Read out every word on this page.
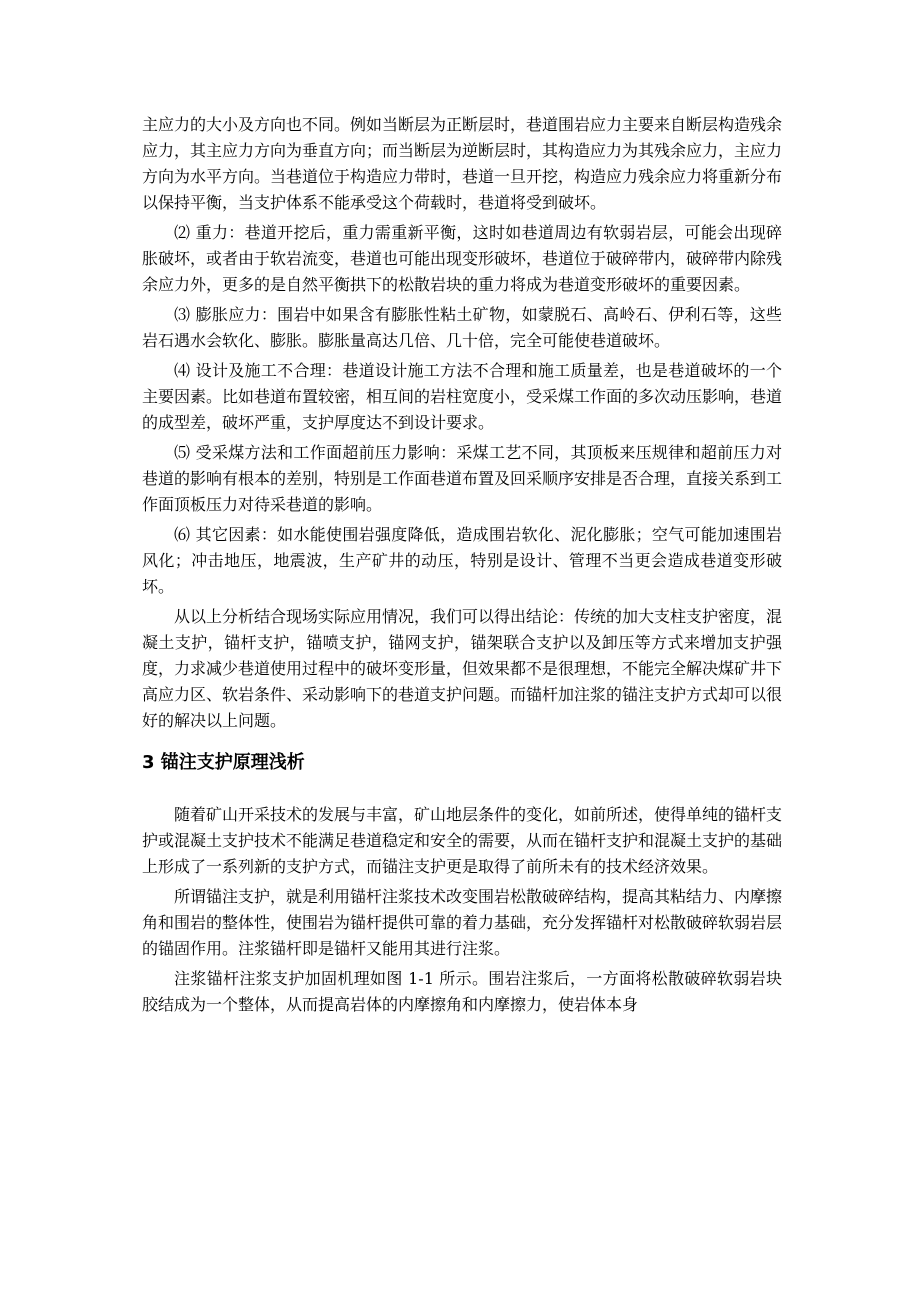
主应力的大小及方向也不同。例如当断层为正断层时，巷道围岩应力主要来自断层构造残余应力，其主应力方向为垂直方向；而当断层为逆断层时，其构造应力为其残余应力，主应力方向为水平方向。当巷道位于构造应力带时，巷道一旦开挖，构造应力残余应力将重新分布以保持平衡，当支护体系不能承受这个荷载时，巷道将受到破坏。

⑵ 重力：巷道开挖后，重力需重新平衡，这时如巷道周边有软弱岩层，可能会出现碎胀破坏，或者由于软岩流变，巷道也可能出现变形破坏，巷道位于破碎带内，破碎带内除残余应力外，更多的是自然平衡拱下的松散岩块的重力将成为巷道变形破坏的重要因素。

⑶ 膨胀应力：围岩中如果含有膨胀性粘土矿物，如蒙脱石、高岭石、伊利石等，这些岩石遇水会软化、膨胀。膨胀量高达几倍、几十倍，完全可能使巷道破坏。

⑷ 设计及施工不合理：巷道设计施工方法不合理和施工质量差，也是巷道破坏的一个主要因素。比如巷道布置较密，相互间的岩柱宽度小，受采煤工作面的多次动压影响，巷道的成型差，破坏严重，支护厚度达不到设计要求。

⑸ 受采煤方法和工作面超前压力影响：采煤工艺不同，其顶板来压规律和超前压力对巷道的影响有根本的差别，特别是工作面巷道布置及回采顺序安排是否合理，直接关系到工作面顶板压力对待采巷道的影响。

⑹ 其它因素：如水能使围岩强度降低，造成围岩软化、泥化膨胀；空气可能加速围岩风化；冲击地压，地震波，生产矿井的动压，特别是设计、管理不当更会造成巷道变形破坏。

从以上分析结合现场实际应用情况，我们可以得出结论：传统的加大支柱支护密度，混凝土支护，锚杆支护，锚喷支护，锚网支护，锚架联合支护以及卸压等方式来增加支护强度，力求减少巷道使用过程中的破坏变形量，但效果都不是很理想，不能完全解决煤矿井下高应力区、软岩条件、采动影响下的巷道支护问题。而锚杆加注浆的锚注支护方式却可以很好的解决以上问题。

3 锚注支护原理浅析

随着矿山开采技术的发展与丰富，矿山地层条件的变化，如前所述，使得单纯的锚杆支护或混凝土支护技术不能满足巷道稳定和安全的需要，从而在锚杆支护和混凝土支护的基础上形成了一系列新的支护方式，而锚注支护更是取得了前所未有的技术经济效果。

所谓锚注支护，就是利用锚杆注浆技术改变围岩松散破碎结构，提高其粘结力、内摩擦角和围岩的整体性，使围岩为锚杆提供可靠的着力基础，充分发挥锚杆对松散破碎软弱岩层的锚固作用。注浆锚杆即是锚杆又能用其进行注浆。

注浆锚杆注浆支护加固机理如图 1-1 所示。围岩注浆后，一方面将松散破碎软弱岩块胶结成为一个整体，从而提高岩体的内摩擦角和内摩擦力，使岩体本身
